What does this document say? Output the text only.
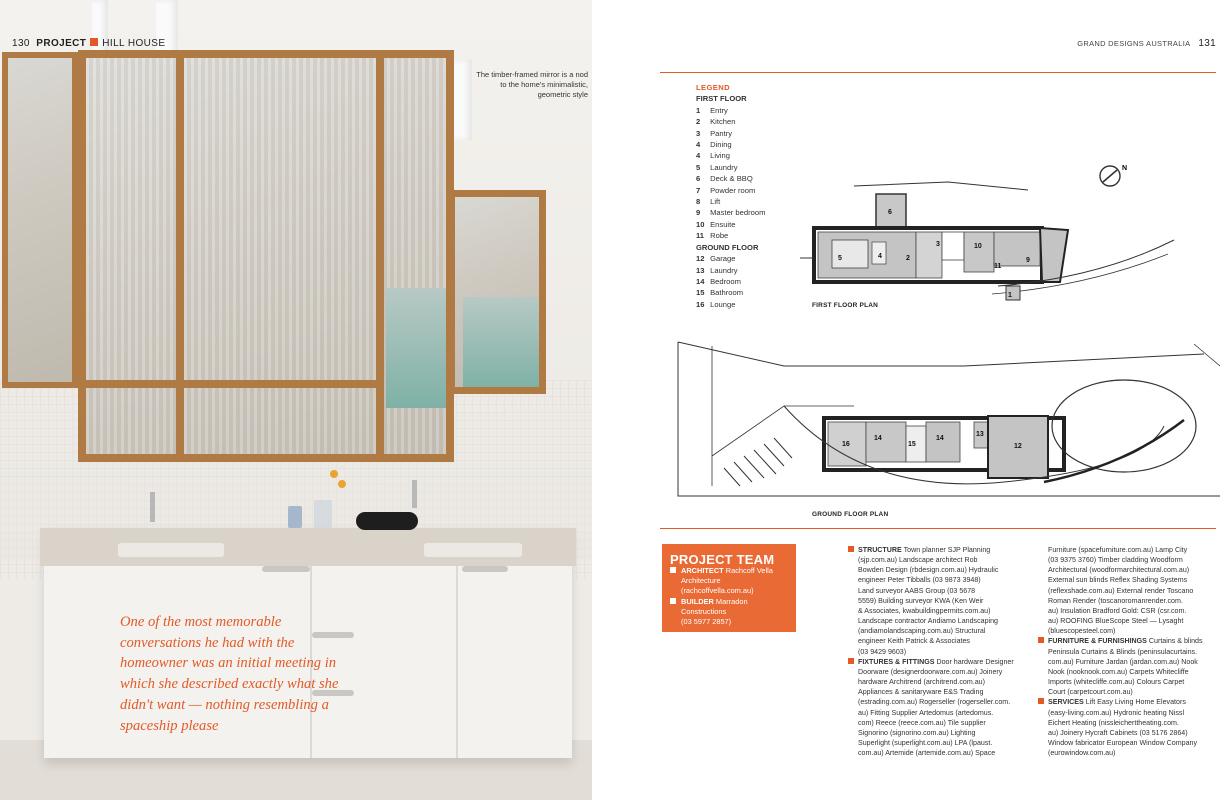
130 PROJECT HILL HOUSE
The timber-framed mirror is a nod to the home's minimalistic, geometric style
One of the most memorable conversations he had with the homeowner was an initial meeting in which she described exactly what she didn't want — nothing resembling a spaceship please
GRAND DESIGNS AUSTRALIA 131
LEGEND
FIRST FLOOR
1 Entry
2 Kitchen
3 Pantry
4 Dining
4 Living
5 Laundry
6 Deck & BBQ
7 Powder room
8 Lift
9 Master bedroom
10 Ensuite
11 Robe
GROUND FLOOR
12 Garage
13 Laundry
14 Bedroom
15 Bathroom
16 Lounge
N
6
5	4	2
3	10
11
9
1
FIRST FLOOR PLAN
16
14
15
14
13
12
GROUND FLOOR PLAN
PROJECT TEAM
ARCHITECT Rachcoff Vella
Architecture
(rachcoffvella.com.au)
BUILDER Marradon
Constructions
(03 5977 2857)

STRUCTURE Town planner SJP Planning

(sjp.com.au) Landscape architect Rob

Bowden Design (rbdesign.com.au) Hydraulic

engineer Peter Tibballs (03 9873 3948)

Land surveyor AABS Group (03 5678

5559) Building surveyor KWA (Ken Weir

& Associates, kwabuildingpermits.com.au)

Landscape contractor Andiamo Landscaping

(andiamolandscaping.com.au) Structural

engineer Keith Patrick & Associates

(03 9429 9603)

FIXTURES & FITTINGS Door hardware Designer

Doorware (designerdoorware.com.au) Joinery

hardware Architrend (architrend.com.au)

Appliances & sanitaryware E&S Trading

(estrading.com.au) Rogerseller (rogerseller.com.

au) Fitting Supplier Artedomus (artedomus.

com) Reece (reece.com.au) Tile supplier

Signorino (signorino.com.au) Lighting

Superlight (superlight.com.au) LPA (lpaust.

com.au) Artemide (artemide.com.au) Space

Furniture (spacefurniture.com.au) Lamp City

(03 9375 3760) Timber cladding Woodform

Architectural (woodformarchitectural.com.au)

External sun blinds Reflex Shading Systems

(reflexshade.com.au) External render Toscano

Roman Render (toscanoromanrender.com.

au) Insulation Bradford Gold: CSR (csr.com.

au) ROOFING BlueScope Steel — Lysaght

(bluescopesteel.com)

FURNITURE & FURNISHINGS Curtains & blinds

Peninsula Curtains & Blinds (peninsulacurtains.

com.au) Furniture Jardan (jardan.com.au) Nook

Nook (nooknook.com.au) Carpets Whitecliffe

Imports (whitecliffe.com.au) Colours Carpet

Court (carpetcourt.com.au)

SERVICES Lift Easy Living Home Elevators

(easy-living.com.au) Hydronic heating Nissl

Eichert Heating (nissleicherttheating.com.

au) Joinery Hycraft Cabinets (03 5176 2864)

Window fabricator European Window Company

(eurowindow.com.au)
